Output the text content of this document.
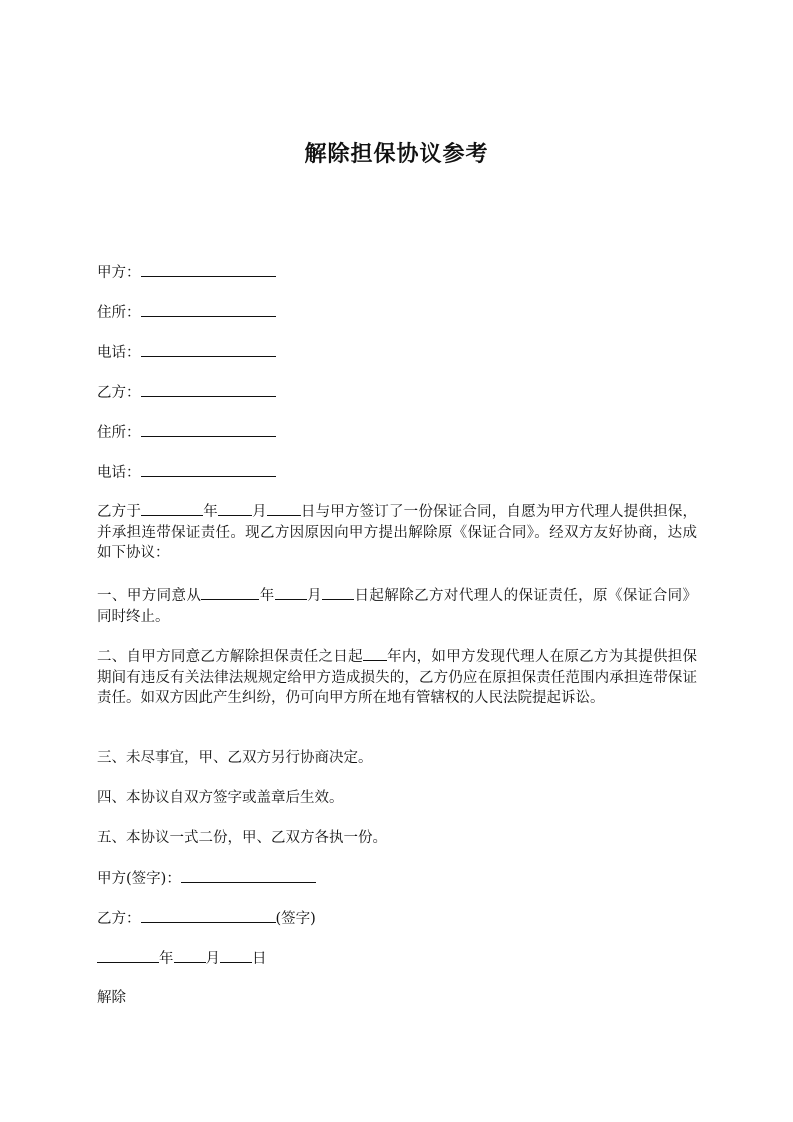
解除担保协议参考
甲方：
住所：
电话：
乙方：
住所：
电话：
乙方于	年 月 日与甲方签订了一份保证合同，自愿为甲方代理人提供担保，并承担连带保证责任。现乙方因原因向甲方提出解除原《保证合同》。经双方友好协商，达成如下协议：
一、甲方同意从	年 月 日起解除乙方对代理人的保证责任，原《保证合同》同时终止。
二、自甲方同意乙方解除担保责任之日起 年内，如甲方发现代理人在原乙方为其提供担保期间有违反有关法律法规规定给甲方造成损失的，乙方仍应在原担保责任范围内承担连带保证责任。如双方因此产生纠纷，仍可向甲方所在地有管辖权的人民法院提起诉讼。
三、未尽事宜，甲、乙双方另行协商决定。
四、本协议自双方签字或盖章后生效。
五、本协议一式二份，甲、乙双方各执一份。
甲方(签字)：
乙方：	(签字)
年 月 日
解除
